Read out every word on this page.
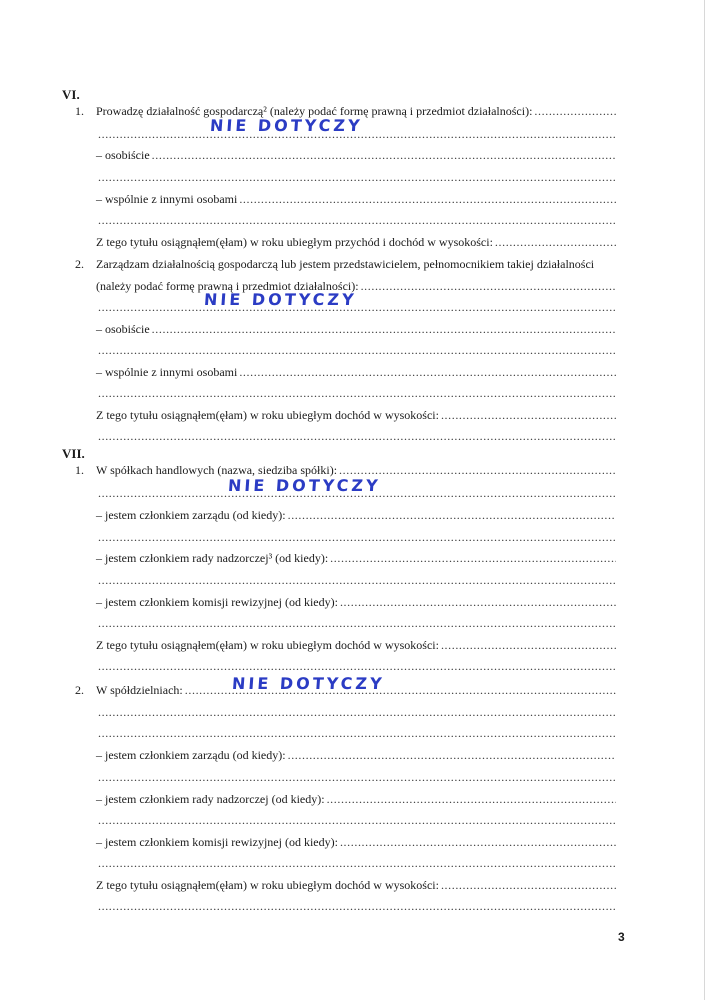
VI.
1. Prowadzę działalność gospodarczą² (należy podać formę prawną i przedmiot działalności):
.....
.....
NIE DOTYCZY
– osobiście
.....
.....
– wspólnie z innymi osobami
.....
.....
Z tego tytułu osiągnąłem(ęłam) w roku ubiegłym przychód i dochód w wysokości:
.....
2. Zarządzam działalnością gospodarczą lub jestem przedstawicielem, pełnomocnikiem takiej działalności
(należy podać formę prawną i przedmiot działalności):
.....
.....
NIE DOTYCZY
– osobiście
.....
.....
– wspólnie z innymi osobami
.....
.....
Z tego tytułu osiągnąłem(ęłam) w roku ubiegłym dochód w wysokości:
.....
.....
VII.
1. W spółkach handlowych (nazwa, siedziba spółki):
.....
.....
NIE DOTYCZY
– jestem członkiem zarządu (od kiedy):
.....
.....
– jestem członkiem rady nadzorczej³ (od kiedy):
.....
.....
– jestem członkiem komisji rewizyjnej (od kiedy):
.....
.....
Z tego tytułu osiągnąłem(ęłam) w roku ubiegłym dochód w wysokości:
.....
.....
2. W spółdzielniach:
.....	NIE DOTYCZY
.....
.....
– jestem członkiem zarządu (od kiedy):
.....
.....
– jestem członkiem rady nadzorczej (od kiedy):
.....
.....
– jestem członkiem komisji rewizyjnej (od kiedy):
.....
.....
Z tego tytułu osiągnąłem(ęłam) w roku ubiegłym dochód w wysokości:
.....
.....
3
